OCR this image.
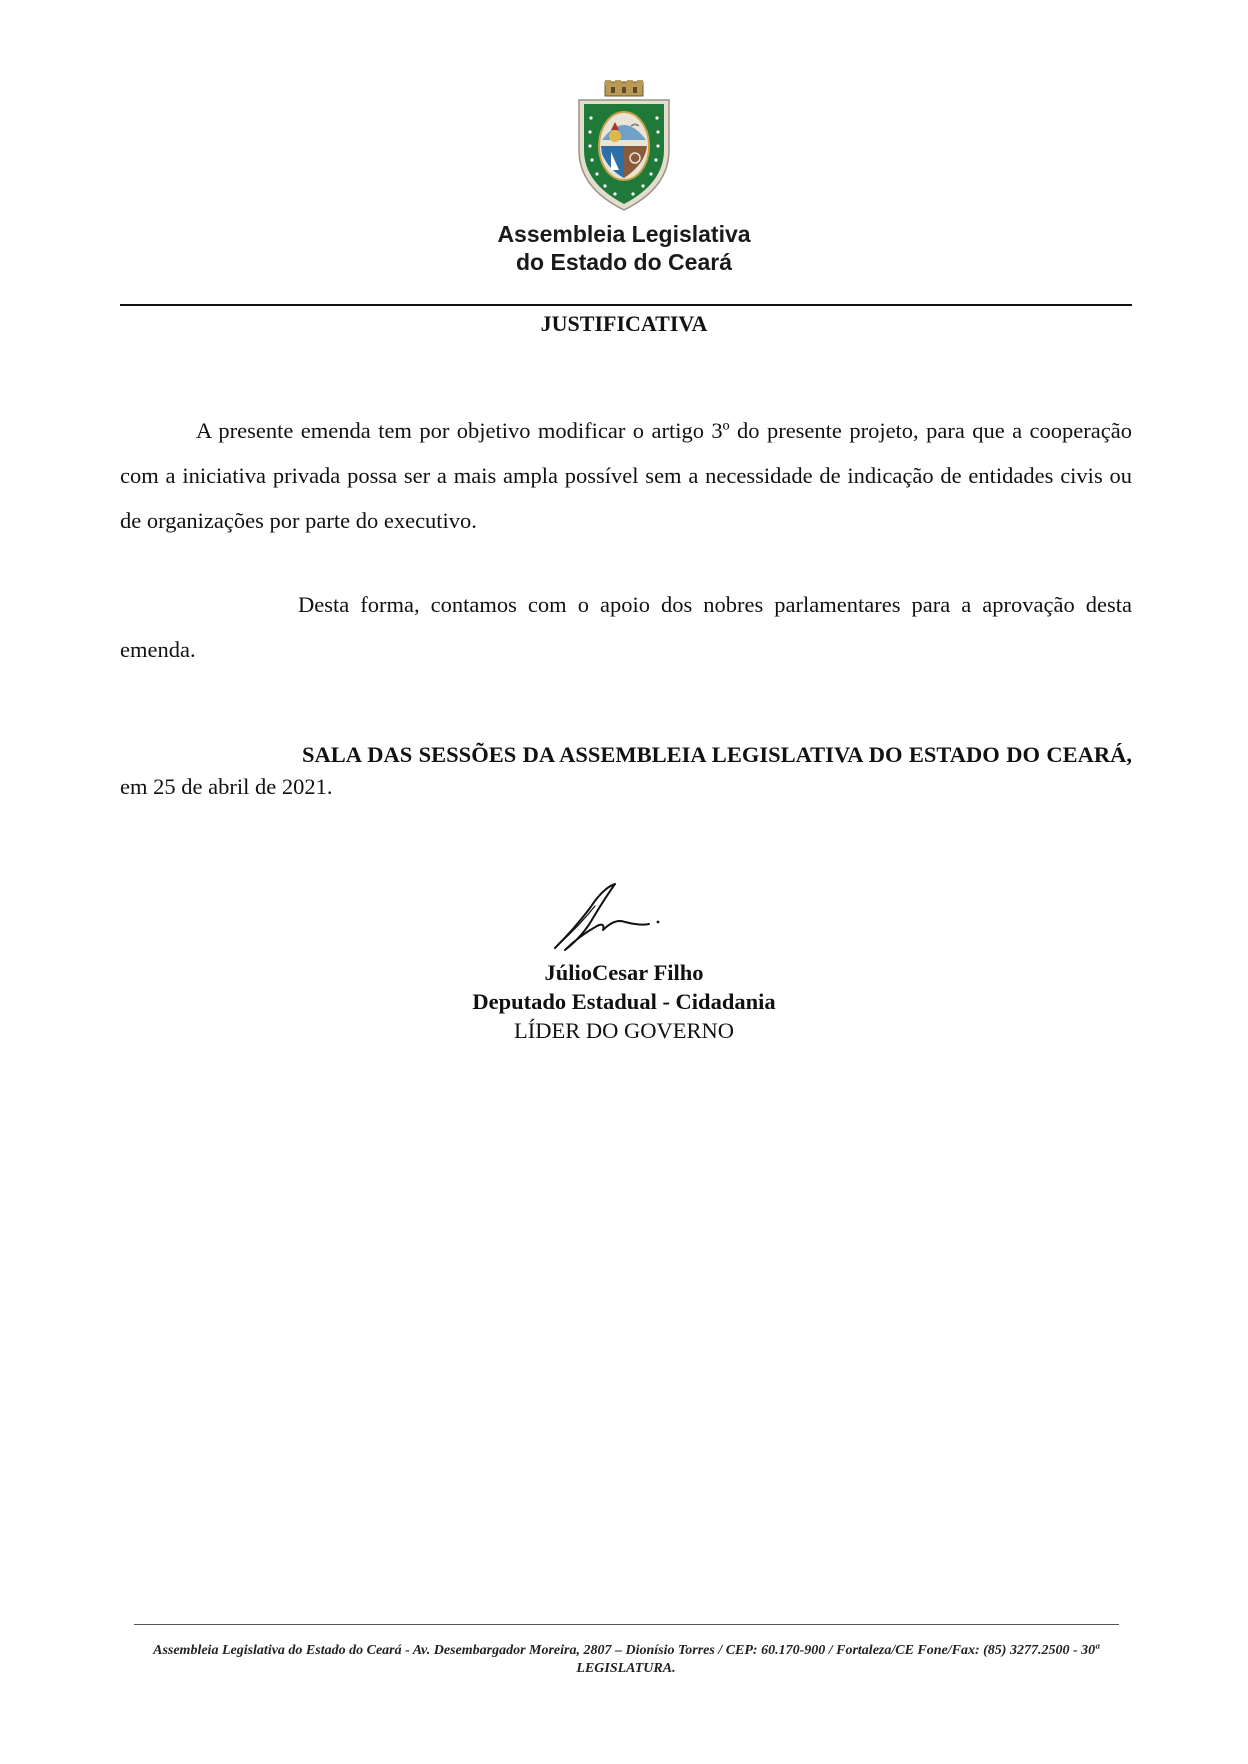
Assembleia Legislativa
do Estado do Ceará
JUSTIFICATIVA

A presente emenda tem por objetivo modificar o artigo 3º do presente projeto, para que a cooperação com a iniciativa privada possa ser a mais ampla possível sem a necessidade de indicação de entidades civis ou de organizações por parte do executivo.

Desta forma, contamos com o apoio dos nobres parlamentares para a aprovação desta emenda.

SALA DAS SESSÕES DA ASSEMBLEIA LEGISLATIVA DO ESTADO DO CEARÁ, em 25 de abril de 2021.

JúlioCesar Filho
Deputado Estadual - Cidadania
LÍDER DO GOVERNO
Assembleia Legislativa do Estado do Ceará - Av. Desembargador Moreira, 2807 – Dionísio Torres / CEP: 60.170-900 / Fortaleza/CE Fone/Fax: (85) 3277.2500 - 30ª LEGISLATURA.
